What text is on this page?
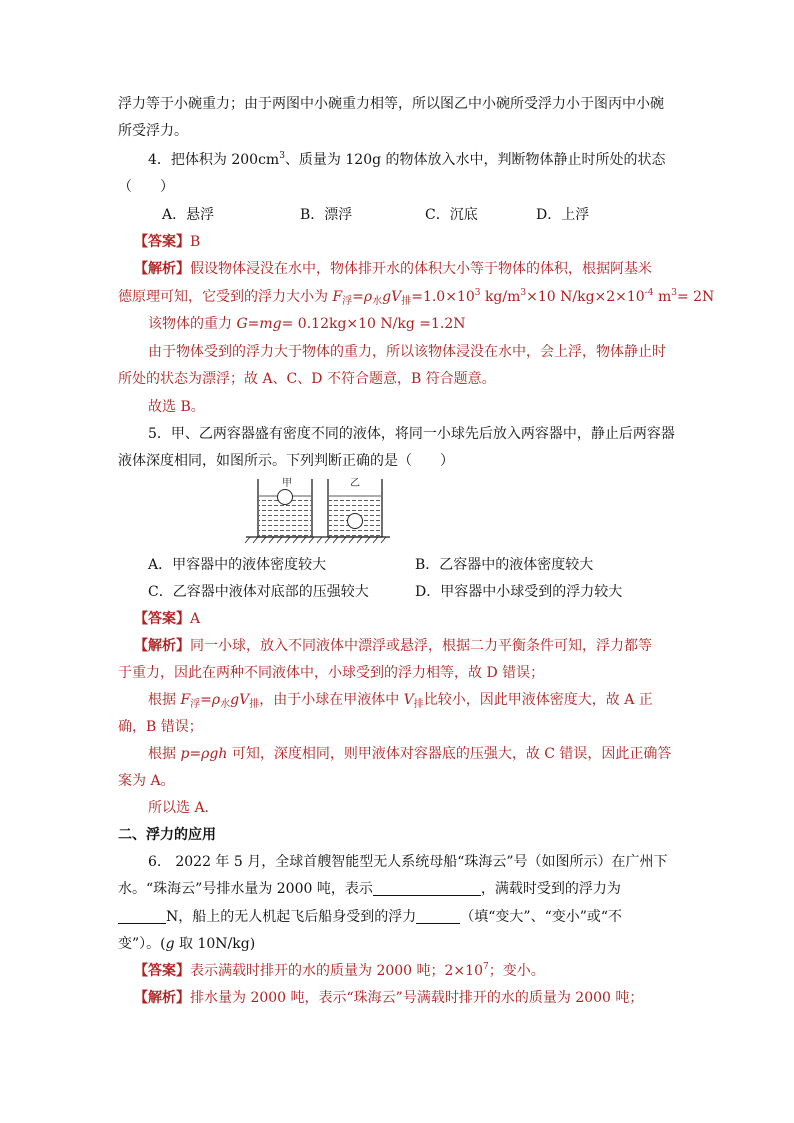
浮力等于小碗重力；由于两图中小碗重力相等，所以图乙中小碗所受浮力小于图丙中小碗
所受浮力。
4．把体积为 $200cm^3$、质量为 120g 的物体放入水中，判断物体静止时所处的状态
（　　）
A．悬浮	B．漂浮	C．沉底	D．上浮
【答案】B
【解析】假设物体浸没在水中，物体排开水的体积大小等于物体的体积，根据阿基米
德原理可知，它受到的浮力大小为 $F_浮=\rho_水gV_排=1.0\times 10^3$ $kg/m^3\times 10$ $N/kg\times 2\times 10^{-4}$ $m^3= 2N$
该物体的重力 G=mg= 0.12kg×10 N/kg =1.2N
由于物体受到的浮力大于物体的重力，所以该物体浸没在水中，会上浮，物体静止时
所处的状态为漂浮；故 A、C、D 不符合题意，B 符合题意。
故选 B。
5．甲、乙两容器盛有密度不同的液体，将同一小球先后放入两容器中，静止后两容器
液体深度相同，如图所示。下列判断正确的是（　　）
甲	乙
A．甲容器中的液体密度较大	B．乙容器中的液体密度较大
C．乙容器中液体对底部的压强较大	D．甲容器中小球受到的浮力较大
【答案】A
【解析】同一小球，放入不同液体中漂浮或悬浮，根据二力平衡条件可知，浮力都等
于重力，因此在两种不同液体中，小球受到的浮力相等，故 D 错误；
根据 $F_浮=\rho_水gV_排$，由于小球在甲液体中 $V_排$比较小，因此甲液体密度大，故 A 正
确，B 错误；
根据 p=ρgh 可知，深度相同，则甲液体对容器底的压强大，故 C 错误，因此正确答
案为 A。
所以选 A.
二、浮力的应用
6.　2022 年 5 月，全球首艘智能型无人系统母船“珠海云”号（如图所示）在广州下
水。“珠海云”号排水量为 2000 吨，表示	，满载时受到的浮力为
N，船上的无人机起飞后船身受到的浮力	（填“变大”、“变小”或“不
变”）。(g 取 10N/kg)
【答案】表示满载时排开的水的质量为 2000 吨；$2\times 10^7$；变小。
【解析】排水量为 2000 吨，表示“珠海云”号满载时排开的水的质量为 2000 吨；
